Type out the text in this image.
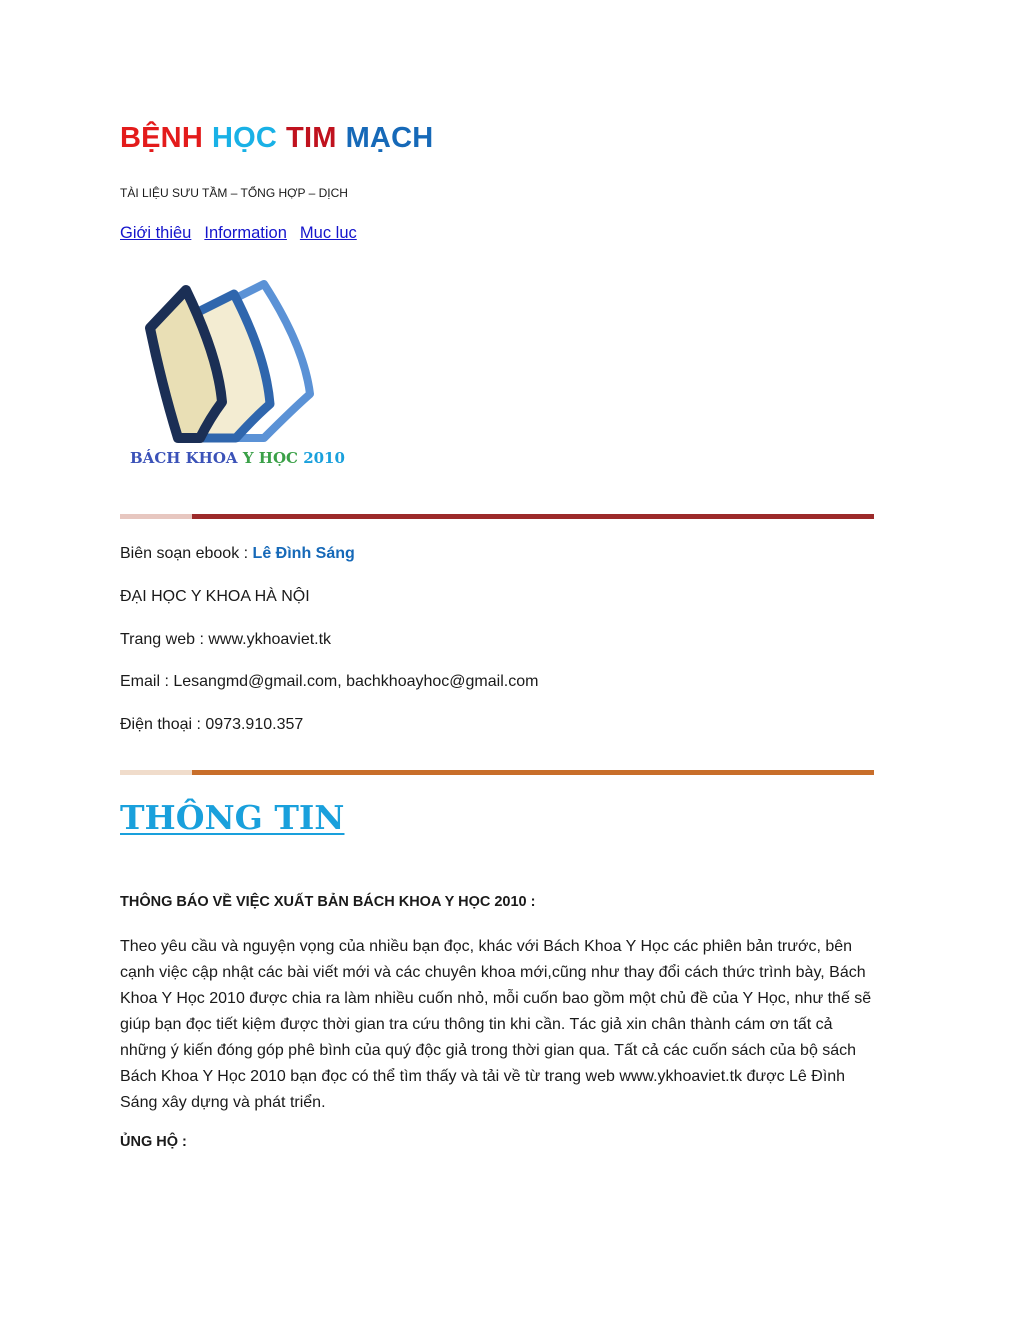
BỆNH HỌC TIM MẠCH
TÀI LIỆU SƯU TẦM – TỔNG HỢP – DỊCH
Giới thiêu Information Muc luc
BÁCH KHOA Y HỌC 2010
Biên soạn ebook : Lê Đình Sáng
ĐẠI HỌC Y KHOA HÀ NỘI
Trang web : www.ykhoaviet.tk
Email : Lesangmd@gmail.com, bachkhoayhoc@gmail.com
Điện thoại : 0973.910.357
THÔNG TIN
THÔNG BÁO VỀ VIỆC XUẤT BẢN BÁCH KHOA Y HỌC 2010 :
Theo yêu cầu và nguyện vọng của nhiều bạn đọc, khác với Bách Khoa Y Học các phiên bản trước, bên
cạnh việc cập nhật các bài viết mới và các chuyên khoa mới,cũng như thay đổi cách thức trình bày, Bách
Khoa Y Học 2010 được chia ra làm nhiều cuốn nhỏ, mỗi cuốn bao gồm một chủ đề của Y Học, như thế sẽ
giúp bạn đọc tiết kiệm được thời gian tra cứu thông tin khi cần. Tác giả xin chân thành cám ơn tất cả
những ý kiến đóng góp phê bình của quý độc giả trong thời gian qua. Tất cả các cuốn sách của bộ sách
Bách Khoa Y Học 2010 bạn đọc có thể tìm thấy và tải về từ trang web www.ykhoaviet.tk được Lê Đình
Sáng xây dựng và phát triển.
ỦNG HỘ :
